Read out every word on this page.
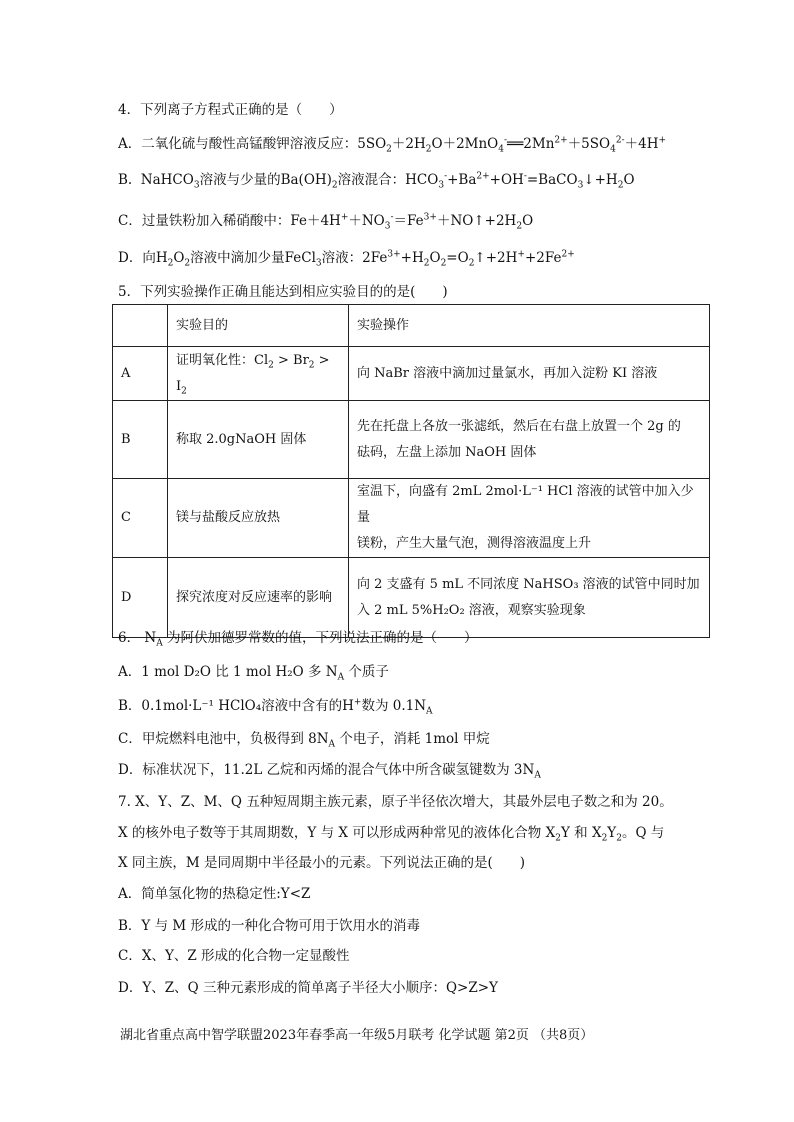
4．下列离子方程式正确的是（　　）
A．二氧化硫与酸性高锰酸钾溶液反应：$5SO_2+2H_2O+2MnO_4^-══2Mn^{2+}+5SO_4^{2-}+4H^+$
B.  NaHCO$_3$溶液与少量的$Ba(OH)_2$溶液混合：$HCO_3^-+Ba^{2+}+OH^-=BaCO_3↓+H_2O$
C．过量铁粉加入稀硝酸中：$Fe+4H^++NO_3^-=Fe^{3+}+NO↑+2H_2O$
D．向$H_2O_2$溶液中滴加少量FeCl$_3$溶液：$2Fe^{3+}+H_2O_2=O_2↑+2H^++2Fe^{2+}$
5．下列实验操作正确且能达到相应实验目的的是(　　)
	实验目的	实验操作
A	证明氧化性：$Cl_2 > Br_2 > I_2$	向 NaBr 溶液中滴加过量氯水，再加入淀粉 KI 溶液
B	称取 2.0gNaOH 固体	先在托盘上各放一张滤纸，然后在右盘上放置一个 2g 的
砝码，左盘上添加 NaOH 固体

C	镁与盐酸反应放热	室温下，向盛有 2mL 2mol·L⁻¹ HCl 溶液的试管中加入少量
镁粉，产生大量气泡，测得溶液温度上升

D	探究浓度对反应速率的影响	向 2 支盛有 5 mL 不同浓度 NaHSO₃ 溶液的试管中同时加
入 2 mL 5%H₂O₂ 溶液，观察实验现象
6． $N_A$ 为阿伏加德罗常数的值，下列说法正确的是（　　）
A．1 mol D₂O 比 1 mol H₂O 多 $N_A$ 个质子
B．0.1mol·L⁻¹ HClO₄溶液中含有的H+数为 $0.1N_A$
C．甲烷燃料电池中，负极得到 $8N_A$ 个电子，消耗 1mol 甲烷
D．标准状况下，11.2L 乙烷和丙烯的混合气体中所含碳氢键数为 $3N_A$
7. X、Y、Z、M、Q 五种短周期主族元素，原子半径依次增大，其最外层电子数之和为 20。
X 的核外电子数等于其周期数，Y 与 X 可以形成两种常见的液体化合物 $X_2Y$ 和 $X_2Y_2$。Q 与
X 同主族，M 是同周期中半径最小的元素。下列说法正确的是(　　)
A．简单氢化物的热稳定性:Y<Z
B．Y 与 M 形成的一种化合物可用于饮用水的消毒
C．X、Y、Z 形成的化合物一定显酸性
D．Y、Z、Q 三种元素形成的简单离子半径大小顺序：Q>Z>Y
湖北省重点高中智学联盟2023年春季高一年级5月联考 化学试题 第2页 （共8页）
